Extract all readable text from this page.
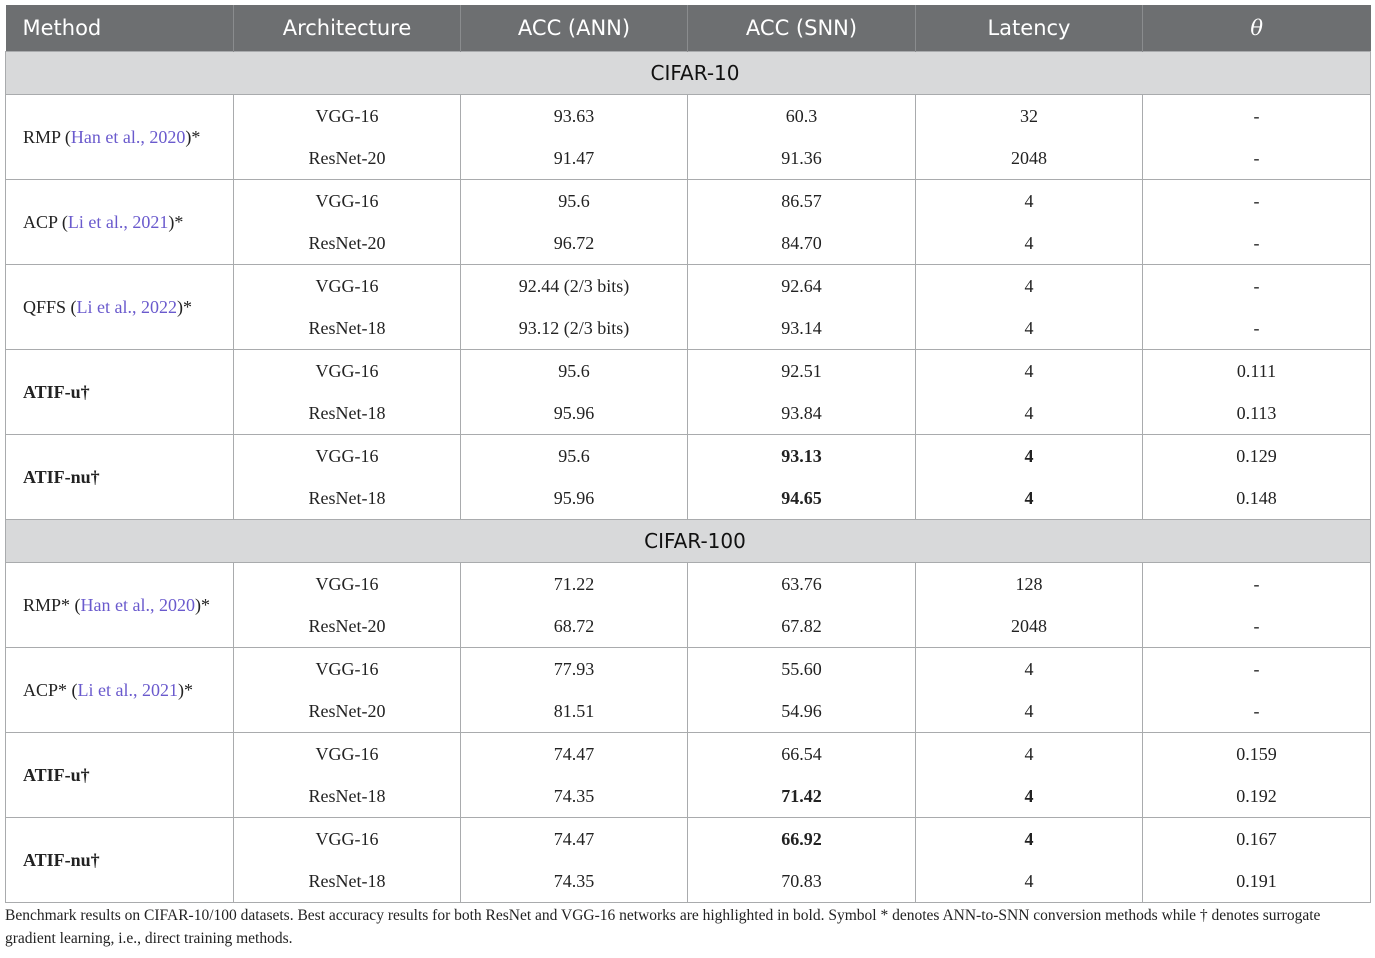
Method	Architecture	ACC (ANN)	ACC (SNN)	Latency	θ
CIFAR-10					
RMP (Han et al., 2020)*	VGG-16	93.63	60.3	32	-
	ResNet-20	91.47	91.36	2048	-
ACP (Li et al., 2021)*	VGG-16	95.6	86.57	4	-
	ResNet-20	96.72	84.70	4	-
QFFS (Li et al., 2022)*	VGG-16	92.44 (2/3 bits)	92.64	4	-
	ResNet-18	93.12 (2/3 bits)	93.14	4	-
ATIF-u†	VGG-16	95.6	92.51	4	0.111
	ResNet-18	95.96	93.84	4	0.113
ATIF-nu†	VGG-16	95.6	93.13	4	0.129
	ResNet-18	95.96	94.65	4	0.148
CIFAR-100					
RMP* (Han et al., 2020)*	VGG-16	71.22	63.76	128	-
	ResNet-20	68.72	67.82	2048	-
ACP* (Li et al., 2021)*	VGG-16	77.93	55.60	4	-
	ResNet-20	81.51	54.96	4	-
ATIF-u†	VGG-16	74.47	66.54	4	0.159
	ResNet-18	74.35	71.42	4	0.192
ATIF-nu†	VGG-16	74.47	66.92	4	0.167
	ResNet-18	74.35	70.83	4	0.191
Benchmark results on CIFAR-10/100 datasets. Best accuracy results for both ResNet and VGG-16 networks are highlighted in bold. Symbol * denotes ANN-to-SNN conversion methods while † denotes surrogate gradient learning, i.e., direct training methods.
